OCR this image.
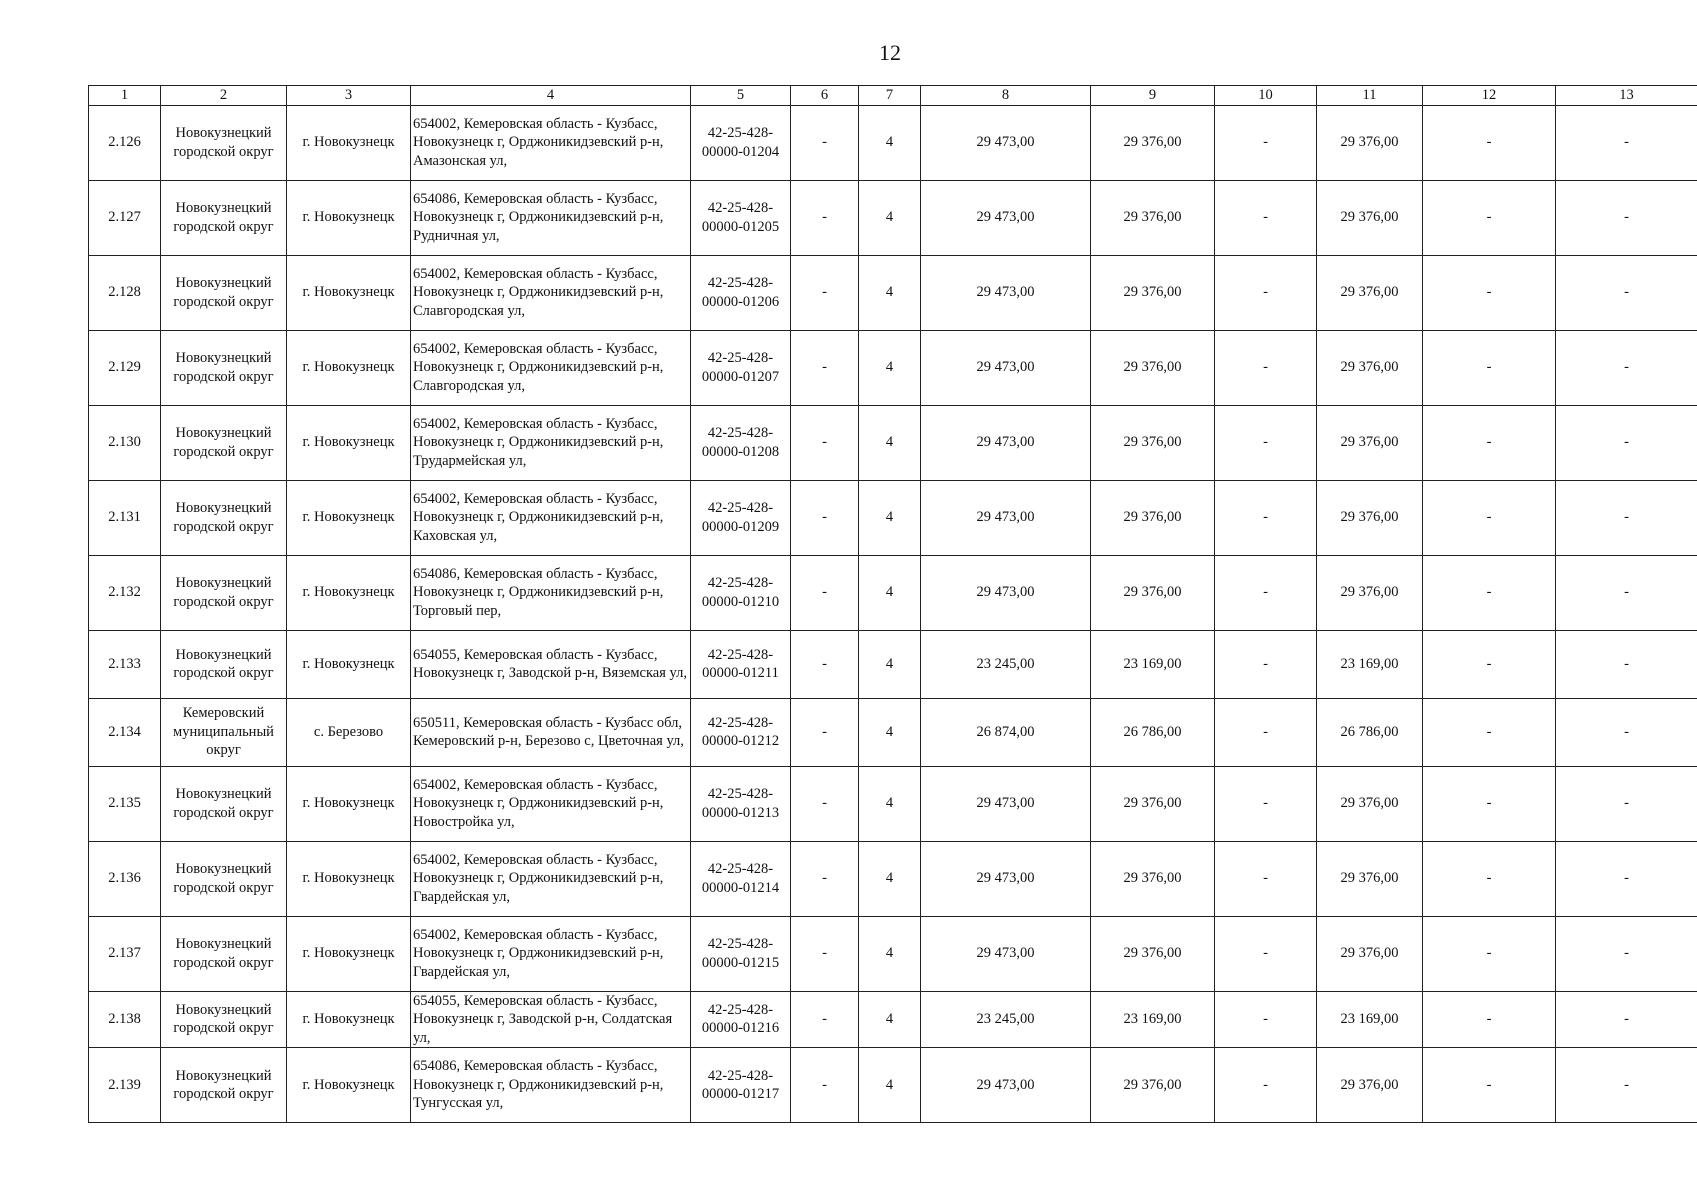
12
1	2	3	4	5	6	7	8	9	10	11	12	13
2.126	Новокузнецкий городской округ	г. Новокузнецк	654002, Кемеровская область - Кузбасс, Новокузнецк г, Орджоникидзевский р-н, Амазонская ул,	42-25-428-00000-01204	-	4	29 473,00	29 376,00	-	29 376,00	-	-
2.127	Новокузнецкий городской округ	г. Новокузнецк	654086, Кемеровская область - Кузбасс, Новокузнецк г, Орджоникидзевский р-н, Рудничная ул,	42-25-428-00000-01205	-	4	29 473,00	29 376,00	-	29 376,00	-	-
2.128	Новокузнецкий городской округ	г. Новокузнецк	654002, Кемеровская область - Кузбасс, Новокузнецк г, Орджоникидзевский р-н, Славгородская ул,	42-25-428-00000-01206	-	4	29 473,00	29 376,00	-	29 376,00	-	-
2.129	Новокузнецкий городской округ	г. Новокузнецк	654002, Кемеровская область - Кузбасс, Новокузнецк г, Орджоникидзевский р-н, Славгородская ул,	42-25-428-00000-01207	-	4	29 473,00	29 376,00	-	29 376,00	-	-
2.130	Новокузнецкий городской округ	г. Новокузнецк	654002, Кемеровская область - Кузбасс, Новокузнецк г, Орджоникидзевский р-н, Трудармейская ул,	42-25-428-00000-01208	-	4	29 473,00	29 376,00	-	29 376,00	-	-
2.131	Новокузнецкий городской округ	г. Новокузнецк	654002, Кемеровская область - Кузбасс, Новокузнецк г, Орджоникидзевский р-н, Каховская ул,	42-25-428-00000-01209	-	4	29 473,00	29 376,00	-	29 376,00	-	-
2.132	Новокузнецкий городской округ	г. Новокузнецк	654086, Кемеровская область - Кузбасс, Новокузнецк г, Орджоникидзевский р-н, Торговый пер,	42-25-428-00000-01210	-	4	29 473,00	29 376,00	-	29 376,00	-	-
2.133	Новокузнецкий городской округ	г. Новокузнецк	654055, Кемеровская область - Кузбасс, Новокузнецк г, Заводской р-н, Вяземская ул,	42-25-428-00000-01211	-	4	23 245,00	23 169,00	-	23 169,00	-	-
2.134	Кемеровский муниципальный округ	с. Березово	650511, Кемеровская область - Кузбасс обл, Кемеровский р-н, Березово с, Цветочная ул,	42-25-428-00000-01212	-	4	26 874,00	26 786,00	-	26 786,00	-	-
2.135	Новокузнецкий городской округ	г. Новокузнецк	654002, Кемеровская область - Кузбасс, Новокузнецк г, Орджоникидзевский р-н, Новостройка ул,	42-25-428-00000-01213	-	4	29 473,00	29 376,00	-	29 376,00	-	-
2.136	Новокузнецкий городской округ	г. Новокузнецк	654002, Кемеровская область - Кузбасс, Новокузнецк г, Орджоникидзевский р-н, Гвардейская ул,	42-25-428-00000-01214	-	4	29 473,00	29 376,00	-	29 376,00	-	-
2.137	Новокузнецкий городской округ	г. Новокузнецк	654002, Кемеровская область - Кузбасс, Новокузнецк г, Орджоникидзевский р-н, Гвардейская ул,	42-25-428-00000-01215	-	4	29 473,00	29 376,00	-	29 376,00	-	-
2.138	Новокузнецкий городской округ	г. Новокузнецк	654055, Кемеровская область - Кузбасс, Новокузнецк г, Заводской р-н, Солдатская ул,	42-25-428-00000-01216	-	4	23 245,00	23 169,00	-	23 169,00	-	-
2.139	Новокузнецкий городской округ	г. Новокузнецк	654086, Кемеровская область - Кузбасс, Новокузнецк г, Орджоникидзевский р-н, Тунгусская ул,	42-25-428-00000-01217	-	4	29 473,00	29 376,00	-	29 376,00	-	-
